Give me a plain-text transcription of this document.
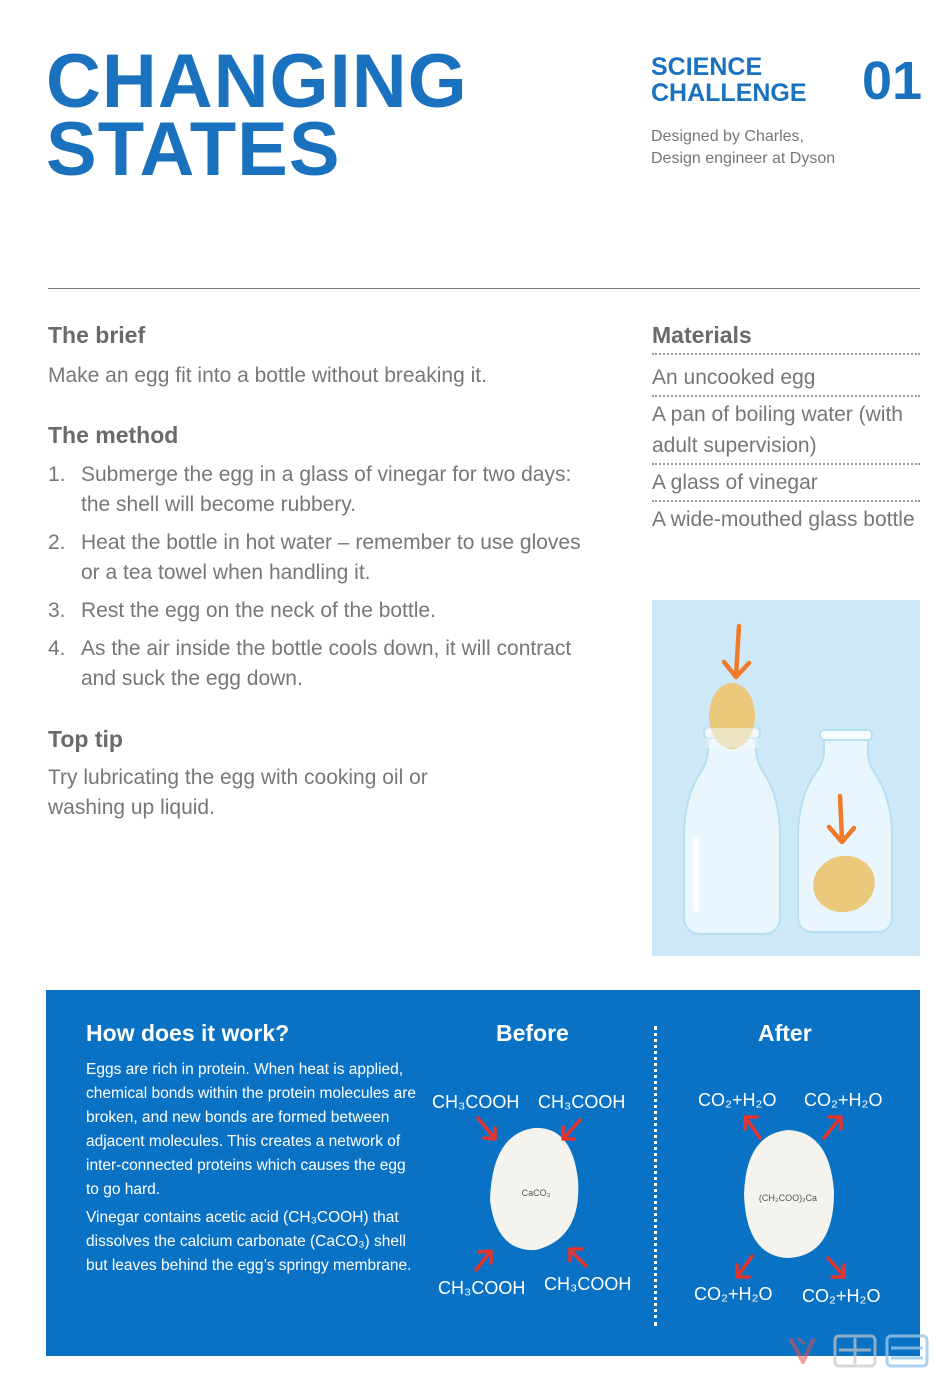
CHANGING
STATES
SCIENCE
CHALLENGE 01
Designed by Charles,
Design engineer at Dyson
The brief
Make an egg fit into a bottle without breaking it.
The method
1. Submerge the egg in a glass of vinegar for two days: the shell will become rubbery.
2. Heat the bottle in hot water – remember to use gloves or a tea towel when handling it.
3. Rest the egg on the neck of the bottle.
4. As the air inside the bottle cools down, it will contract and suck the egg down.
Top tip
Try lubricating the egg with cooking oil or washing up liquid.
Materials
An uncooked egg
A pan of boiling water (with adult supervision)
A glass of vinegar
A wide-mouthed glass bottle
How does it work?

Eggs are rich in protein. When heat is applied, chemical bonds within the protein molecules are broken, and new bonds are formed between adjacent molecules. This creates a network of inter-connected proteins which causes the egg to go hard.

Vinegar contains acetic acid (CH₃COOH) that dissolves the calcium carbonate (CaCO₃) shell but leaves behind the egg’s springy membrane.

Before	After
CH₃COOH CH₃COOH
CH₃COOH CH₃COOH
CaCO₃
CO₂+H₂O CO₂+H₂O
CO₂+H₂O CO₂+H₂O
(CH₃COO)₂Ca
